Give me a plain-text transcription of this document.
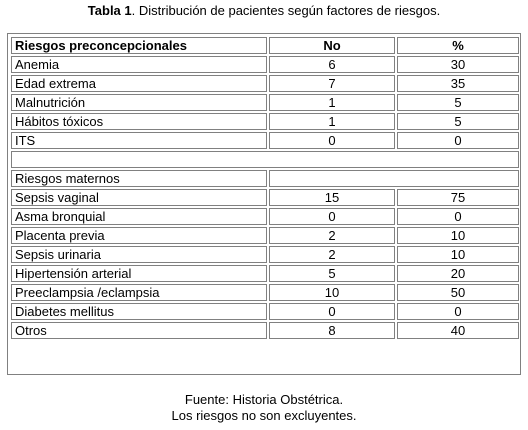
Tabla 1. Distribución de pacientes según factores de riesgos.
Riesgos preconcepcionales	No	%
Anemia	6	30
Edad extrema	7	35
Malnutrición	1	5
Hábitos tóxicos	1	5
ITS	0	0

Riesgos maternos		
Sepsis vaginal	15	75
Asma bronquial	0	0
Placenta previa	2	10
Sepsis urinaria	2	10
Hipertensión arterial	5	20
Preeclampsia /eclampsia	10	50
Diabetes mellitus	0	0
Otros	8	40
Fuente: Historia Obstétrica.
Los riesgos no son excluyentes.
